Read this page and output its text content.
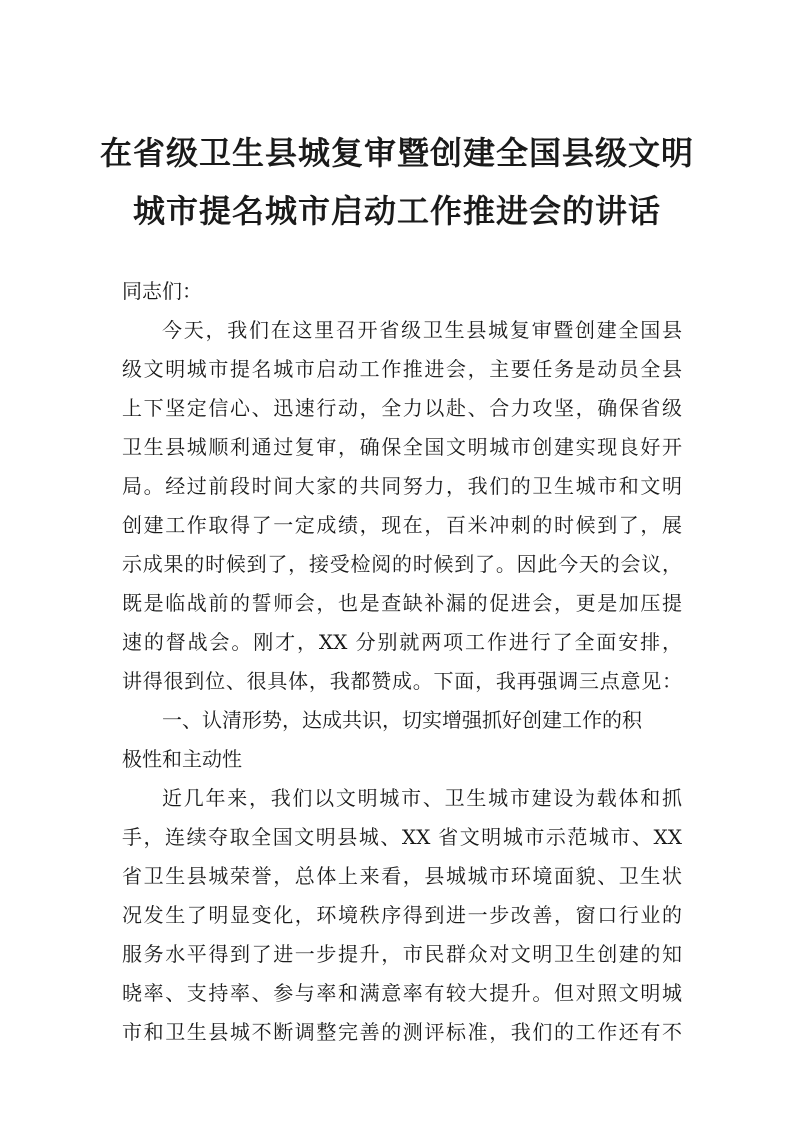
在省级卫生县城复审暨创建全国县级文明
城市提名城市启动工作推进会的讲话
同志们：
今天，我们在这里召开省级卫生县城复审暨创建全国县
级文明城市提名城市启动工作推进会，主要任务是动员全县
上下坚定信心、迅速行动，全力以赴、合力攻坚，确保省级
卫生县城顺利通过复审，确保全国文明城市创建实现良好开
局。经过前段时间大家的共同努力，我们的卫生城市和文明
创建工作取得了一定成绩，现在，百米冲刺的时候到了，展
示成果的时候到了，接受检阅的时候到了。因此今天的会议，
既是临战前的誓师会，也是查缺补漏的促进会，更是加压提
速的督战会。刚才，XX 分别就两项工作进行了全面安排，
讲得很到位、很具体，我都赞成。下面，我再强调三点意见：
一、认清形势，达成共识，切实增强抓好创建工作的积
极性和主动性
近几年来，我们以文明城市、卫生城市建设为载体和抓
手，连续夺取全国文明县城、XX 省文明城市示范城市、XX
省卫生县城荣誉，总体上来看，县城城市环境面貌、卫生状
况发生了明显变化，环境秩序得到进一步改善，窗口行业的
服务水平得到了进一步提升，市民群众对文明卫生创建的知
晓率、支持率、参与率和满意率有较大提升。但对照文明城
市和卫生县城不断调整完善的测评标准，我们的工作还有不
